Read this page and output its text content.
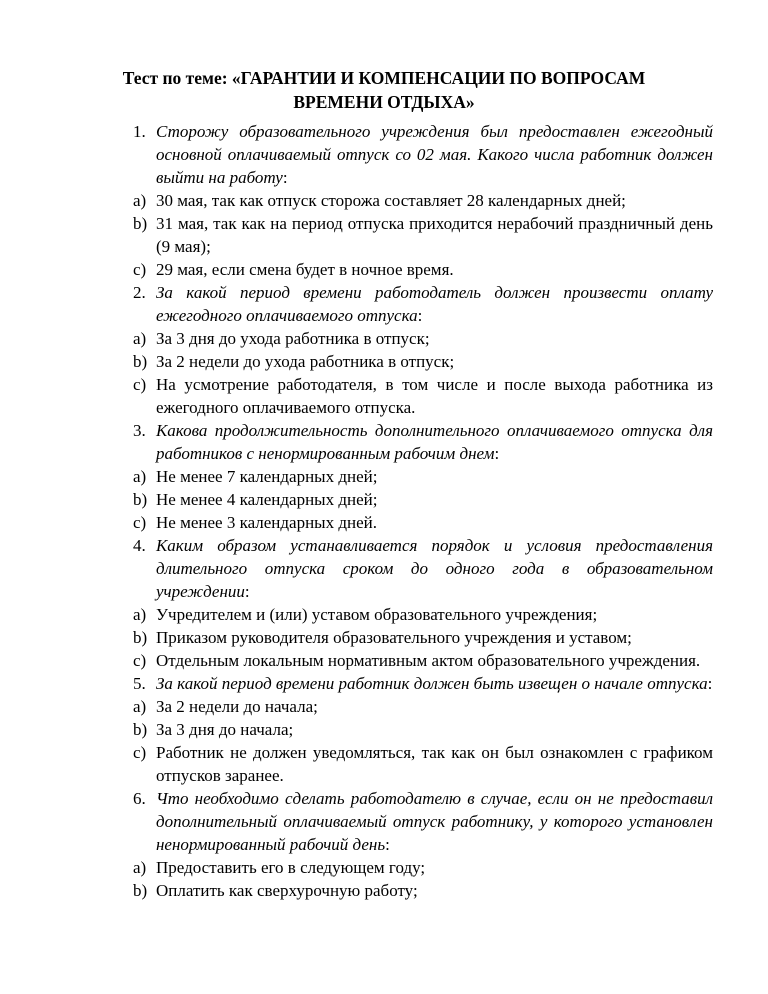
Тест по теме: «ГАРАНТИИ И КОМПЕНСАЦИИ ПО ВОПРОСАМ
ВРЕМЕНИ ОТДЫХА»
1. Сторожу образовательного учреждения был предоставлен ежегодный основной оплачиваемый отпуск со 02 мая. Какого числа работник должен выйти на работу:
a) 30 мая, так как отпуск сторожа составляет 28 календарных дней;
b) 31 мая, так как на период отпуска приходится нерабочий праздничный день (9 мая);
c) 29 мая, если смена будет в ночное время.
2. За какой период времени работодатель должен произвести оплату ежегодного оплачиваемого отпуска:
a) За 3 дня до ухода работника в отпуск;
b) За 2 недели до ухода работника в отпуск;
c) На усмотрение работодателя, в том числе и после выхода работника из ежегодного оплачиваемого отпуска.
3. Какова продолжительность дополнительного оплачиваемого отпуска для работников с ненормированным рабочим днем:
a) Не менее 7 календарных дней;
b) Не менее 4 календарных дней;
c) Не менее 3 календарных дней.
4. Каким образом устанавливается порядок и условия предоставления длительного отпуска сроком до одного года в образовательном учреждении:
a) Учредителем и (или) уставом образовательного учреждения;
b) Приказом руководителя образовательного учреждения и уставом;
c) Отдельным локальным нормативным актом образовательного учреждения.
5. За какой период времени работник должен быть извещен о начале отпуска:
a) За 2 недели до начала;
b) За 3 дня до начала;
c) Работник не должен уведомляться, так как он был ознакомлен с графиком отпусков заранее.
6. Что необходимо сделать работодателю в случае, если он не предоставил дополнительный оплачиваемый отпуск работнику, у которого установлен ненормированный рабочий день:
a) Предоставить его в следующем году;
b) Оплатить как сверхурочную работу;
